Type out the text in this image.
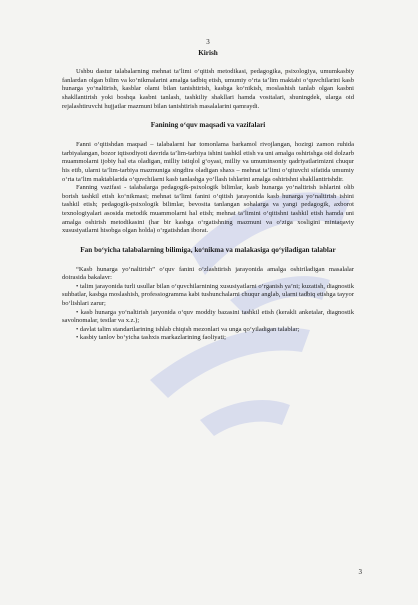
3
Kirish

Ushbu dastur talabalarning mehnat ta’limi o‘qitish metodikasi, pedagogika, psixologiya, umumkasbiy fanlardan olgan bilim va ko‘nikmalarini amalga tadbiq etish, umumiy o‘rta ta’lim maktabi o‘quvchilarini kasb hunarga yo‘naltirish, kasblar olami bilan tanishtirish, kasbga ko‘nikish, moslashish tanlab olgan kasbni shakllantirish yoki boshqa kasbni tanlash, tashkiliy shakllari hamda vositalari, shuningdek, ularga oid rejalashtiruvchi hujjatlar mazmuni bilan tanishtirish masalalarini qamraydi.

Fanining o‘quv maqsadi va vazifalari

Fanni o‘qitishdan maqsad – talabalarni har tomonlama barkamol rivojlangan, hozirgi zamon ruhida tarbiyalangan, bozor iqtisodiyoti davrida ta’lim-tarbiya ishini tashkil etish va uni amalga oshirishga oid dolzarb muammolarni ijobiy hal eta oladigan, milliy istiqlol g‘oyasi, milliy va umuminsoniy qadriyatlarimizni chuqur his etib, ularni ta’lim-tarbiya mazmuniga singdira oladigan shaxs – mehnat ta’limi o‘qituvchi sifatida umumiy o‘rta ta’lim maktablarida o‘quvchilarni kasb tanlashga yo‘llash ishlarini amalga oshirishni shakllantirishdir.

Fanning vazifasi - talabalarga pedagogik-psixologik bilimlar, kasb hunarga yo‘naltirish ishlarini olib borish tashkil etish ko‘nikmasi; mehnat ta’limi fanini o‘qitish jarayonida kasb hunarga yo‘naltirish ishini tashkil etish; pedagogik-psixologik bilimlar, bevosita tanlangan sohalarga va yangi pedagogik, axborot texnologiyalari asosida metodik muammolarni hal etish; mehnat ta’limini o‘qitishni tashkil etish hamda uni amalga oshirish metodikasini (har bir kasbga o‘rgatishning mazmuni va o‘ziga xosligini mintaqaviy xususiyatlarni hisobga olgan holda) o‘rgatishdan iborat.

Fan bo‘yicha talabalarning bilimiga, ko‘nikma va malakasiga qo‘yiladigan talablar

“Kasb hunarga yo‘naltirish” o‘quv fanini o‘zlashtirish jarayonida amalga oshiriladigan masalalar doirasida bakalavr:

• talim jarayonida turli usullar bilan o‘quvchilarnining xususiyatlarni o‘rganish ya’ni; kuzatish, diagnostik suhbatlar, kasbga moslashish, professiogramma kabi tushunchalarni chuqur anglab, ularni tadbiq etishga tayyor bo‘lishlari zarur;
• kasb hunarga yo‘naltirish jaryonida o‘quv moddiy bazasini tashkil etish (kerakli anketalar, diagnostik savolnomalar, testlar va x.z.);
• davlat talim standartlarining ishlab chiqish mezonlari va unga qo‘yiladigan talablar;
• kasbiy tanlov bo‘yicha tashxis markazlarining faoliyati;
3
